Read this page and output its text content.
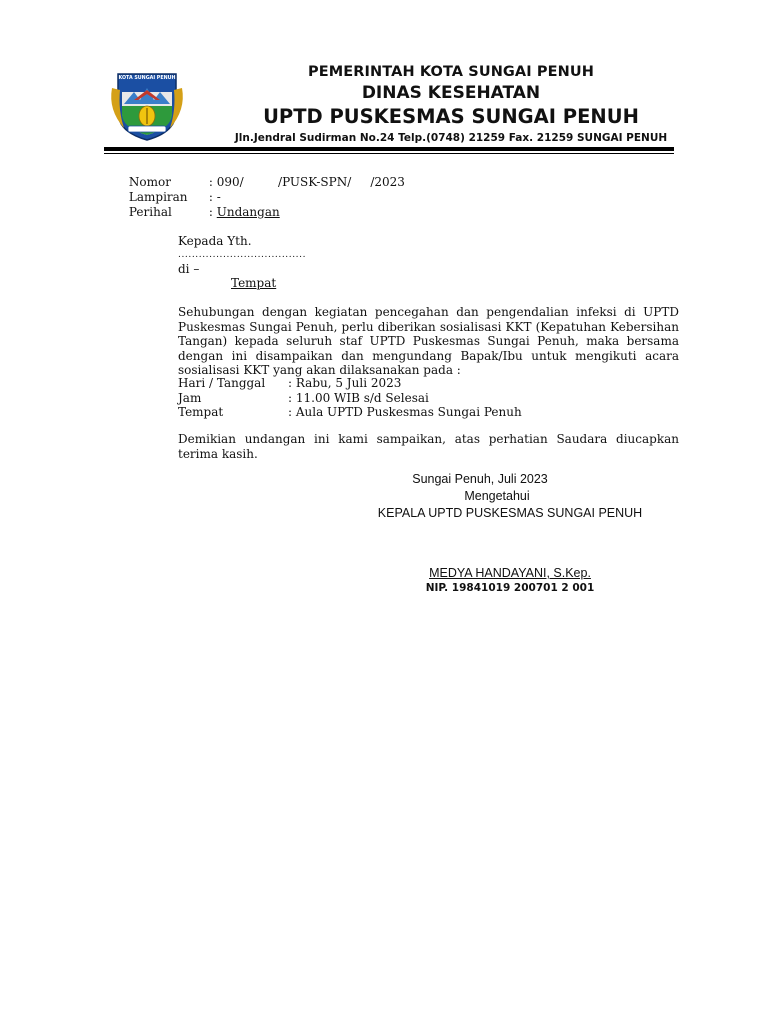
KOTA SUNGAI PENUH	PEMERINTAH KOTA SUNGAI PENUH
DINAS KESEHATAN
UPTD PUSKESMAS SUNGAI PENUH
Jln.Jendral Sudirman No.24 Telp.(0748) 21259 Fax. 21259 SUNGAI PENUH

Nomor	: 090/         /PUSK-SPN/     /2023

Lampiran : -

Perihal	: Undangan

Kepada Yth.
.....................................
di –
Tempat
Sehubungan dengan kegiatan pencegahan dan pengendalian infeksi di UPTD Puskesmas Sungai Penuh, perlu diberikan sosialisasi KKT (Kepatuhan Kebersihan Tangan) kepada seluruh staf UPTD Puskesmas Sungai Penuh, maka bersama dengan ini disampaikan dan mengundang Bapak/Ibu untuk mengikuti acara sosialisasi KKT yang akan dilaksanakan pada :
Hari / Tanggal : Rabu, 5 Juli 2023
Jam	: 11.00 WIB s/d Selesai
Tempat	: Aula UPTD Puskesmas Sungai Penuh
Demikian undangan ini kami sampaikan, atas perhatian Saudara diucapkan terima kasih.
Sungai Penuh, Juli 2023
Mengetahui
KEPALA UPTD PUSKESMAS SUNGAI PENUH
MEDYA HANDAYANI, S.Kep.
NIP. 19841019 200701 2 001
